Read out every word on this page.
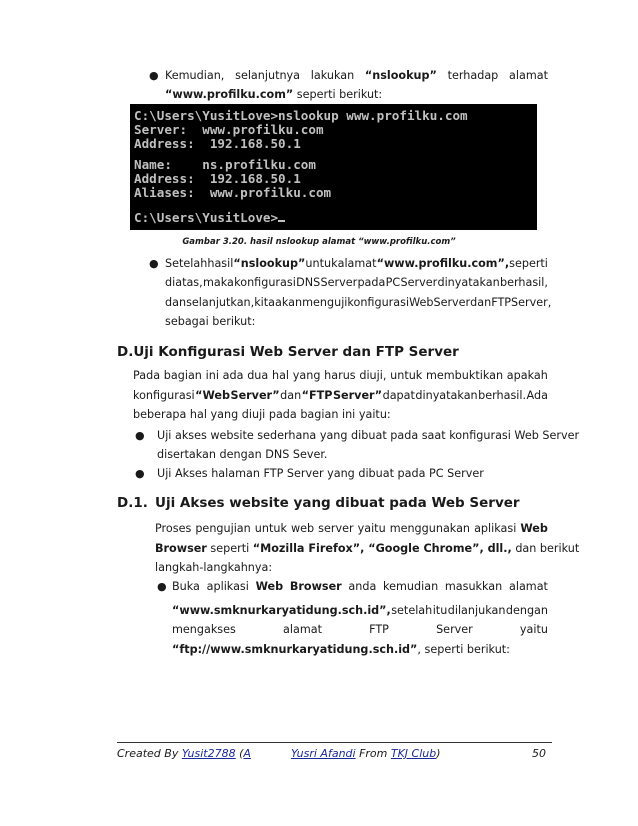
● Kemudian, selanjutnya lakukan “nslookup” terhadap alamat
“www.profilku.com” seperti berikut:
C:\Users\YusitLove>nslookup www.profilku.com
Server:  www.profilku.com
Address:  192.168.50.1
Name:    ns.profilku.com
Address:  192.168.50.1
Aliases:  www.profilku.com
C:\Users\YusitLove>
Gambar 3.20. hasil nslookup alamat “www.profilku.com”
● Setelah hasil “nslookup” untuk alamat “www.profilku.com”, seperti
diatas, maka konfigurasi DNS Server pada PC Server dinyatakan berhasil,
dan selanjutkan, kita akan menguji konfigurasi Web Server dan FTP Server,
sebagai berikut:
D.Uji Konfigurasi Web Server dan FTP Server
Pada bagian ini ada dua hal yang harus diuji, untuk membuktikan apakah
konfigurasi “Web Server” dan “FTP Server” dapat dinyatakan berhasil. Ada
beberapa hal yang diuji pada bagian ini yaitu:
● Uji akses website sederhana yang dibuat pada saat konfigurasi Web Server
disertakan dengan DNS Sever.
● Uji Akses halaman FTP Server yang dibuat pada PC Server
D.1. Uji Akses website yang dibuat pada Web Server
Proses pengujian untuk web server yaitu menggunakan aplikasi Web
Browser seperti “Mozilla Firefox”, “Google Chrome”, dll., dan berikut
langkah-langkahnya:
● Buka aplikasi Web Browser anda kemudian masukkan alamat
“www.smknurkaryatidung.sch.id”, setelah itu dilanjukan dengan
mengakses	alamat	FTP	Server	yaitu
“ftp://www.smknurkaryatidung.sch.id”, seperti berikut:
Created By Yusit2788 (A	Yusri Afandi From TKJ Club)	50
